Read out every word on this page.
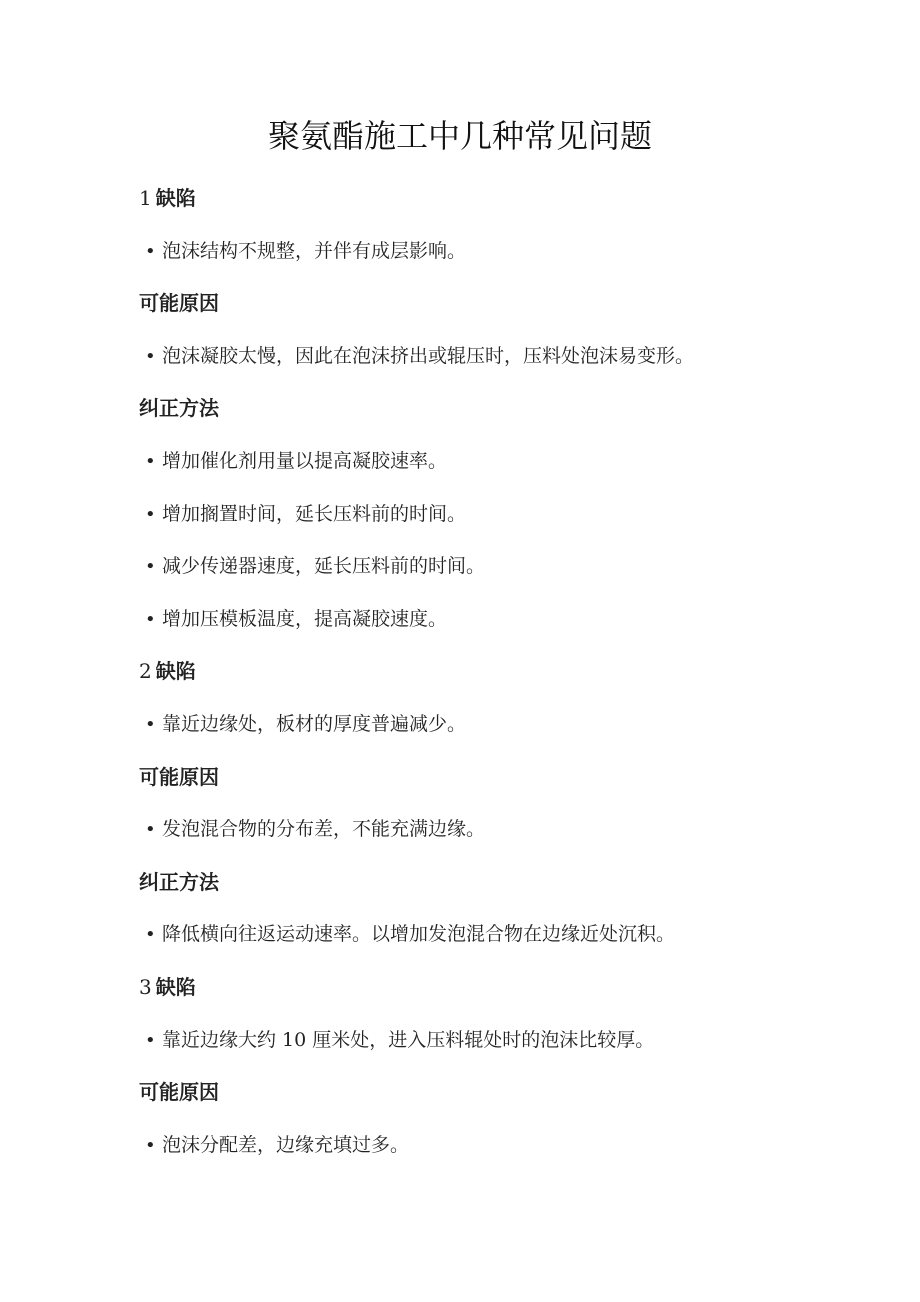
聚氨酯施工中几种常见问题
1 缺陷
• 泡沫结构不规整，并伴有成层影响。
可能原因
• 泡沫凝胶太慢，因此在泡沫挤出或辊压时，压料处泡沫易变形。
纠正方法
• 增加催化剂用量以提高凝胶速率。
• 增加搁置时间，延长压料前的时间。
• 减少传递器速度，延长压料前的时间。
• 增加压模板温度，提高凝胶速度。
2 缺陷
• 靠近边缘处，板材的厚度普遍减少。
可能原因
• 发泡混合物的分布差，不能充满边缘。
纠正方法
• 降低横向往返运动速率。以增加发泡混合物在边缘近处沉积。
3 缺陷
• 靠近边缘大约 10 厘米处，进入压料辊处时的泡沫比较厚。
可能原因
• 泡沫分配差，边缘充填过多。
